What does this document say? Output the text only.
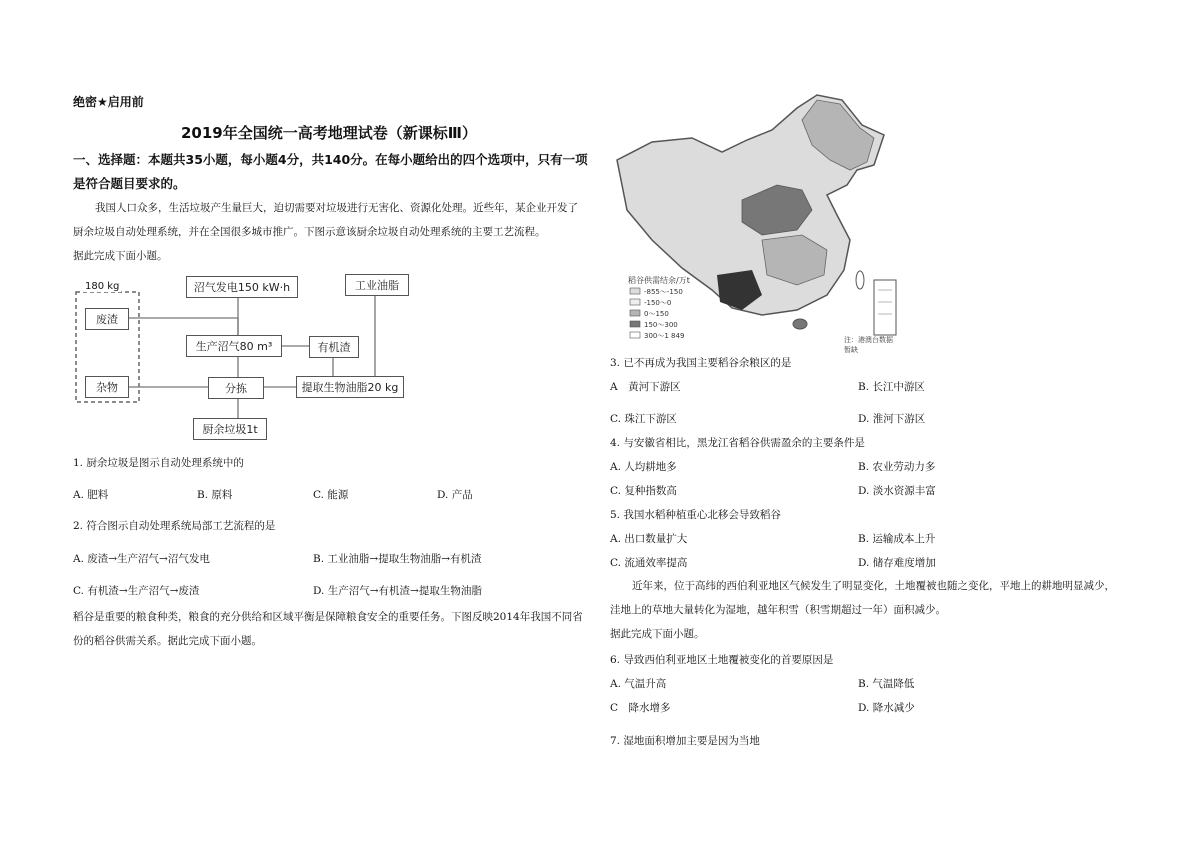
绝密★启用前
2019年全国统一高考地理试卷（新课标Ⅲ）
一、选择题：本题共35小题，每小题4分，共140分。在每小题给出的四个选项中，只有一项
是符合题目要求的。
我国人口众多，生活垃圾产生量巨大，迫切需要对垃圾进行无害化、资源化处理。近些年，某企业开发了
厨余垃圾自动处理系统，并在全国很多城市推广。下图示意该厨余垃圾自动处理系统的主要工艺流程。
据此完成下面小题。
180 kg
废渣
杂物
沼气发电150 kW·h
生产沼气80 m³
分拣
厨余垃圾1t
有机渣
提取生物油脂20 kg
工业油脂
1. 厨余垃圾是图示自动处理系统中的
A. 肥料	B. 原料	C. 能源	D. 产品
2. 符合图示自动处理系统局部工艺流程的是
A. 废渣→生产沼气→沼气发电	B. 工业油脂→提取生物油脂→有机渣
C. 有机渣→生产沼气→废渣	D. 生产沼气→有机渣→提取生物油脂
稻谷是重要的粮食种类，粮食的充分供给和区域平衡是保障粮食安全的重要任务。下图反映2014年我国不同省
份的稻谷供需关系。据此完成下面小题。
稻谷供需结余/万t
-855～-150
-150～0
0～150
150～300
300～1 849	注：港澳台数据暂缺
3. 已不再成为我国主要稻谷余粮区的是
A　黄河下游区	B. 长江中游区
C. 珠江下游区	D. 淮河下游区
4. 与安徽省相比，黑龙江省稻谷供需盈余的主要条件是
A. 人均耕地多	B. 农业劳动力多
C. 复种指数高	D. 淡水资源丰富
5. 我国水稻种植重心北移会导致稻谷
A. 出口数量扩大	B. 运输成本上升
C. 流通效率提高	D. 储存难度增加
近年来，位于高纬的西伯利亚地区气候发生了明显变化，土地覆被也随之变化，平地上的耕地明显减少，
洼地上的草地大量转化为湿地，越年积雪（积雪期超过一年）面积减少。
据此完成下面小题。
6. 导致西伯利亚地区土地覆被变化的首要原因是
A. 气温升高	B. 气温降低
C　降水增多	D. 降水减少
7. 湿地面积增加主要是因为当地
